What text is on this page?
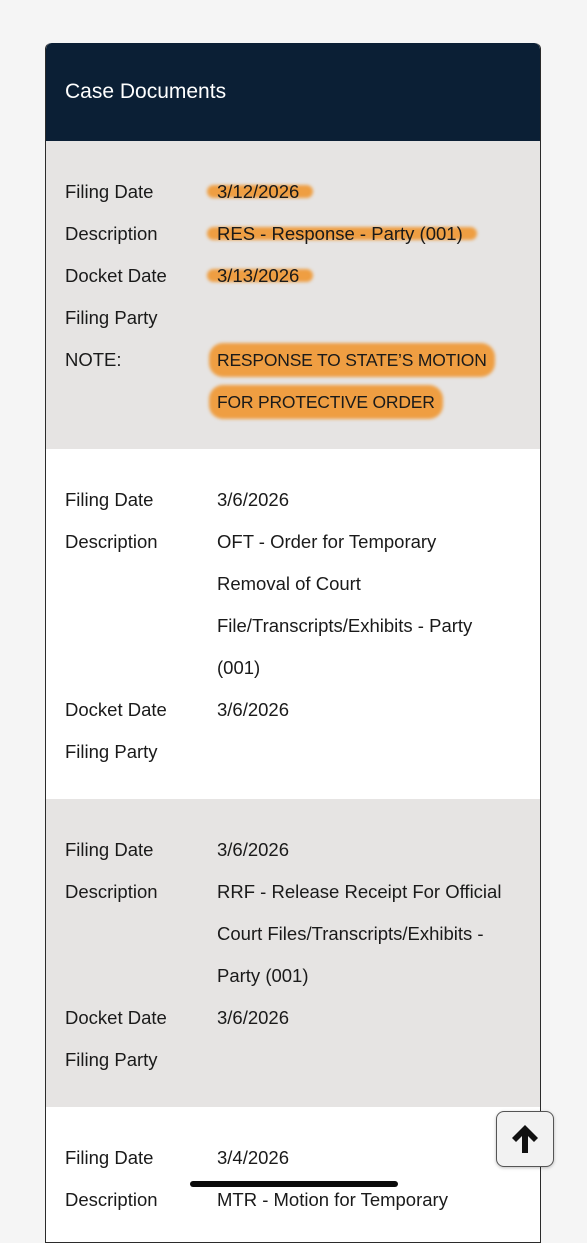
Case Documents
Filing Date	3/12/2026
Description	RES - Response - Party (001)
Docket Date	3/13/2026
Filing Party
NOTE:	RESPONSE TO STATE’S MOTION
FOR PROTECTIVE ORDER
Filing Date	3/6/2026
Description	OFT - Order for Temporary Removal of Court File/Transcripts/Exhibits - Party (001)
Docket Date	3/6/2026
Filing Party
Filing Date	3/6/2026
Description	RRF - Release Receipt For Official Court Files/Transcripts/Exhibits - Party (001)
Docket Date	3/6/2026
Filing Party
Filing Date	3/4/2026
Description	MTR - Motion for Temporary
